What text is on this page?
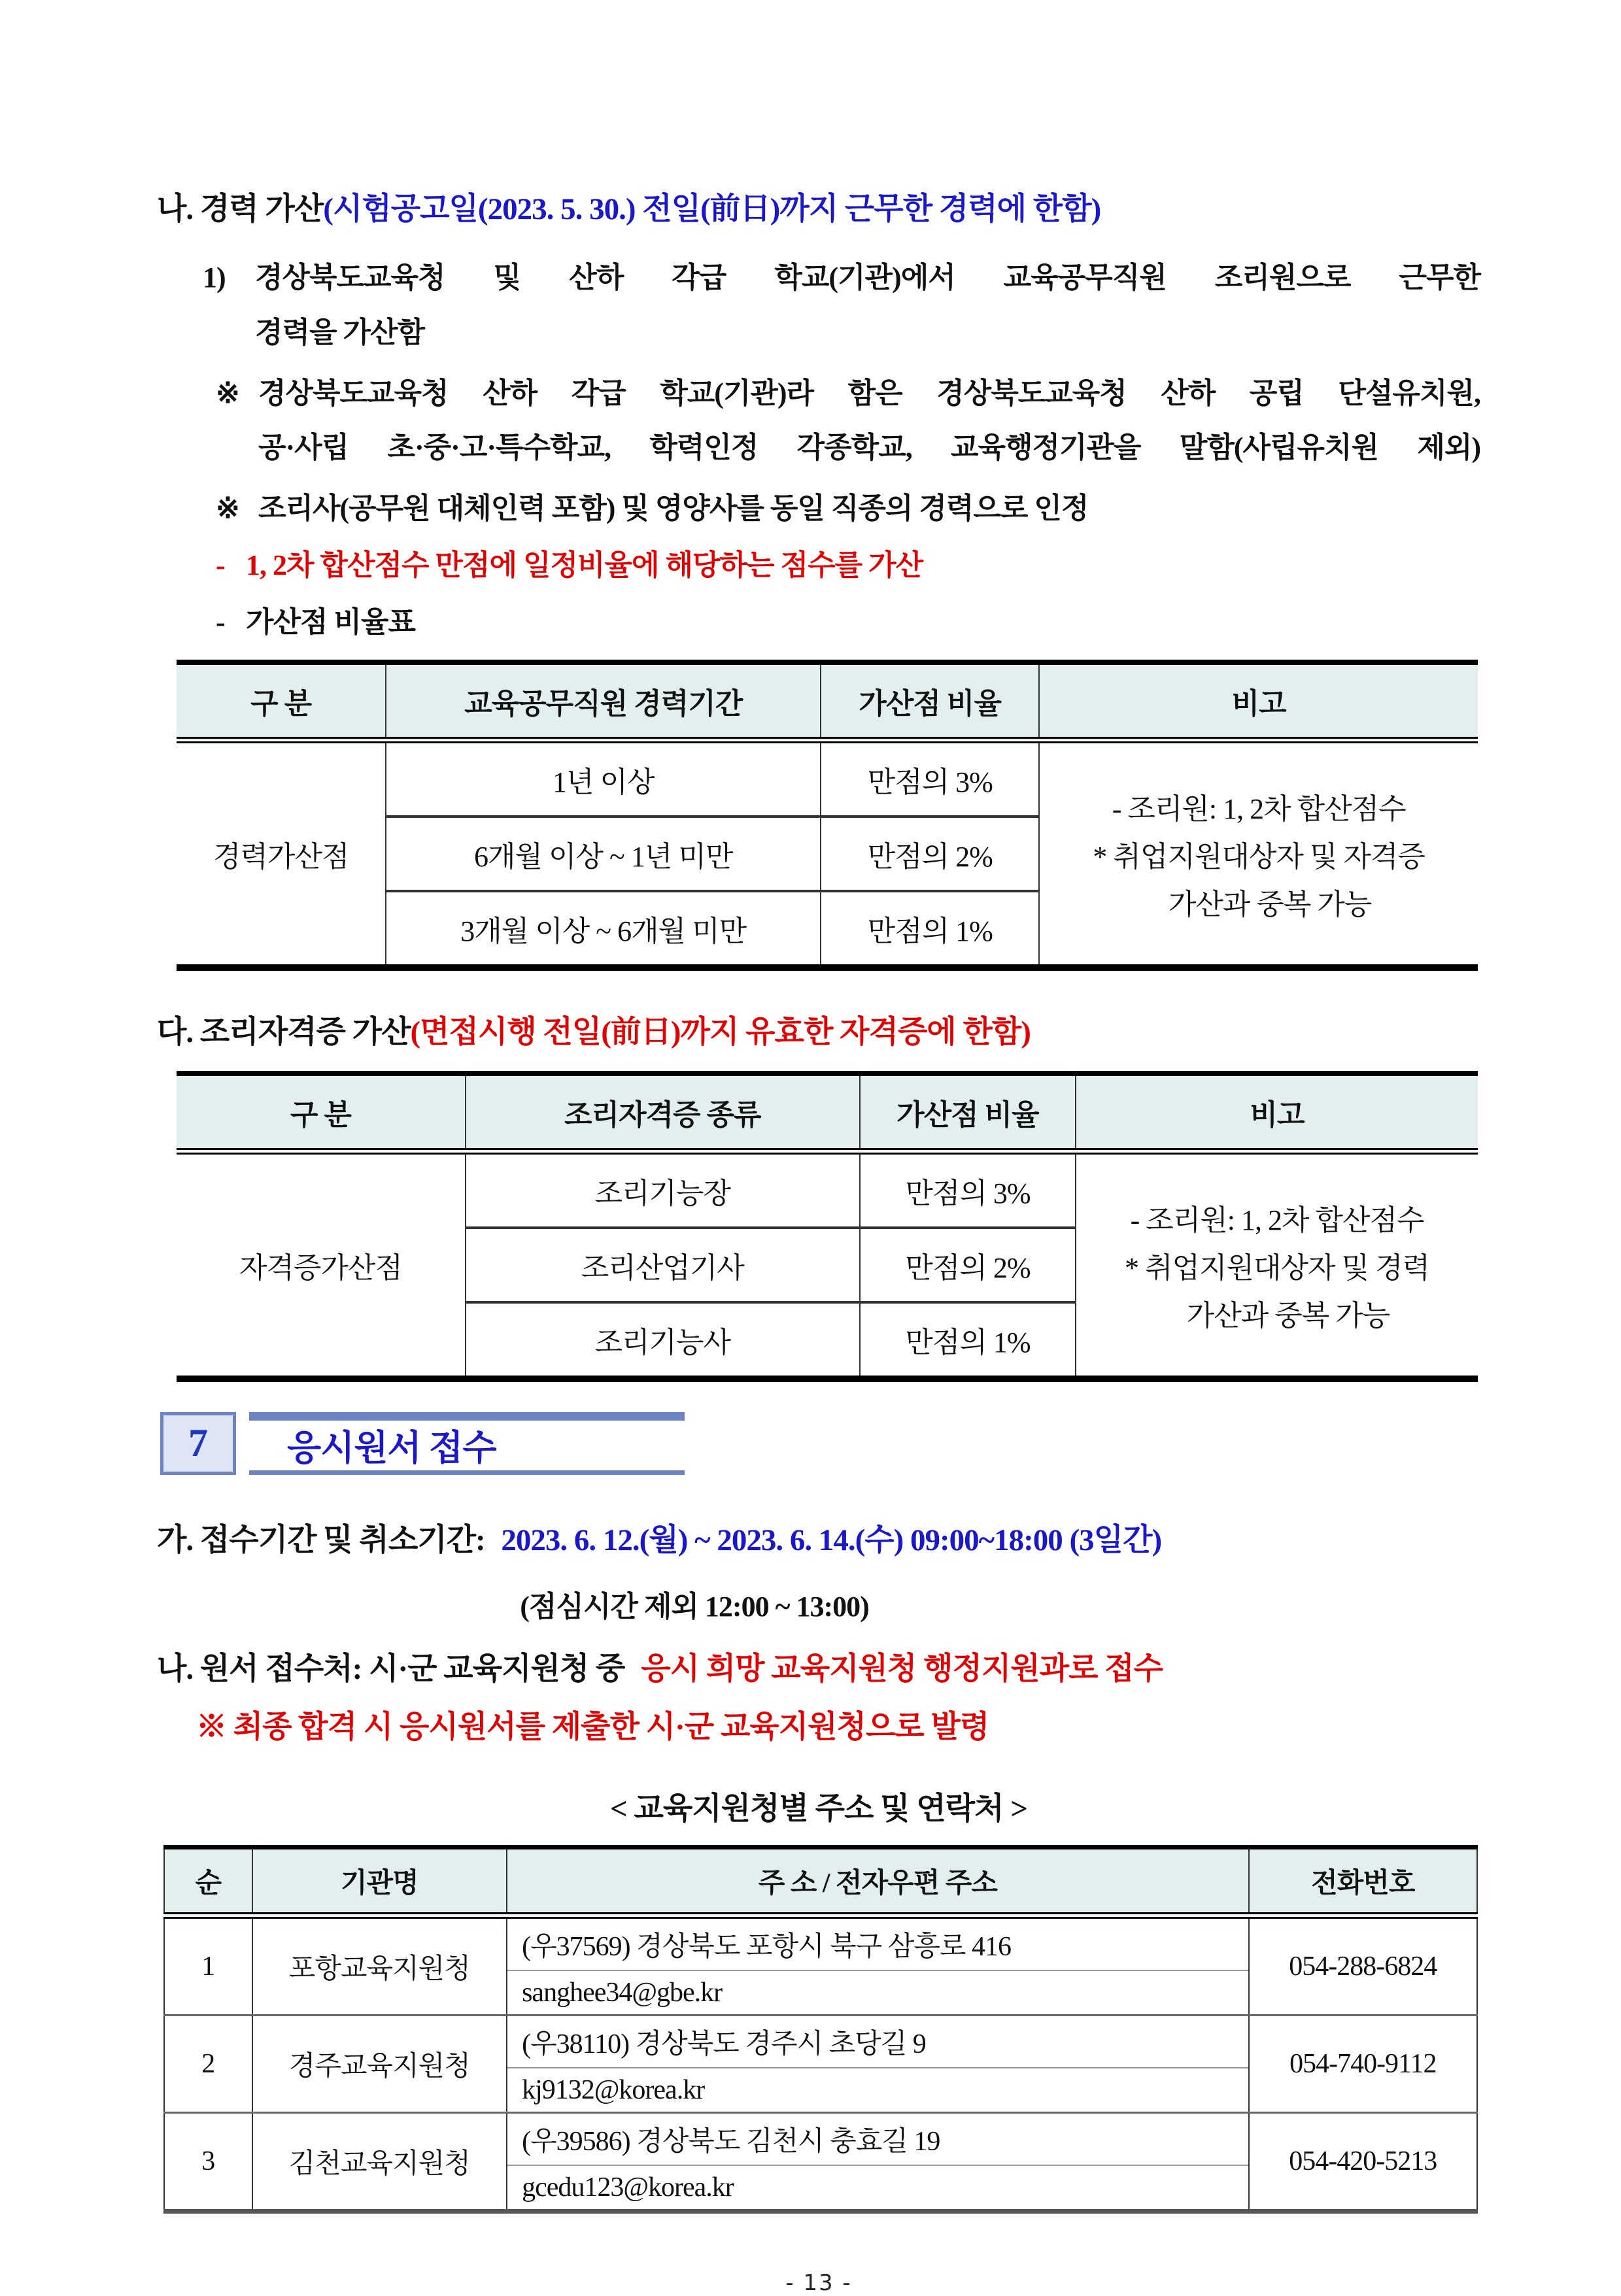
나. 경력 가산(시험공고일(2023. 5. 30.) 전일(前日)까지 근무한 경력에 한함)
1)	경상북도교육청 및 산하 각급 학교(기관)에서 교육공무직원 조리원으로 근무한
경력을 가산함
※ 경상북도교육청 산하 각급 학교(기관)라 함은 경상북도교육청 산하 공립 단설유치원,
공·사립 초·중·고·특수학교, 학력인정 각종학교, 교육행정기관을 말함(사립유치원 제외)
※ 조리사(공무원 대체인력 포함) 및 영양사를 동일 직종의 경력으로 인정
- 1, 2차 합산점수 만점에 일정비율에 해당하는 점수를 가산
- 가산점 비율표
구 분	교육공무직원 경력기간	가산점 비율	비고
경력가산점	1년 이상	만점의 3%	- 조리원: 1, 2차 합산점수
* 취업지원대상자 및 자격증
가산과 중복 가능

	6개월 이상 ~ 1년 미만	만점의 2%	
	3개월 이상 ~ 6개월 미만	만점의 1%	
다. 조리자격증 가산(면접시행 전일(前日)까지 유효한 자격증에 한함)
구 분	조리자격증 종류	가산점 비율	비고
자격증가산점	조리기능장	만점의 3%	- 조리원: 1, 2차 합산점수
* 취업지원대상자 및 경력
가산과 중복 가능

	조리산업기사	만점의 2%	
	조리기능사	만점의 1%	
7	응시원서 접수
가. 접수기간 및 취소기간: 2023. 6. 12.(월) ~ 2023. 6. 14.(수) 09:00~18:00 (3일간)
(점심시간 제외 12:00 ~ 13:00)
나. 원서 접수처: 시·군 교육지원청 중 응시 희망 교육지원청 행정지원과로 접수
※ 최종 합격 시 응시원서를 제출한 시·군 교육지원청으로 발령
< 교육지원청별 주소 및 연락처 >
순	기관명	주 소 / 전자우편 주소	전화번호
1	포항교육지원청	(우37569) 경상북도 포항시 북구 삼흥로 416	054-288-6824
		sanghee34@gbe.kr	
2	경주교육지원청	(우38110) 경상북도 경주시 초당길 9	054-740-9112
		kj9132@korea.kr	
3	김천교육지원청	(우39586) 경상북도 김천시 충효길 19	054-420-5213
		gcedu123@korea.kr	
- 13 -
